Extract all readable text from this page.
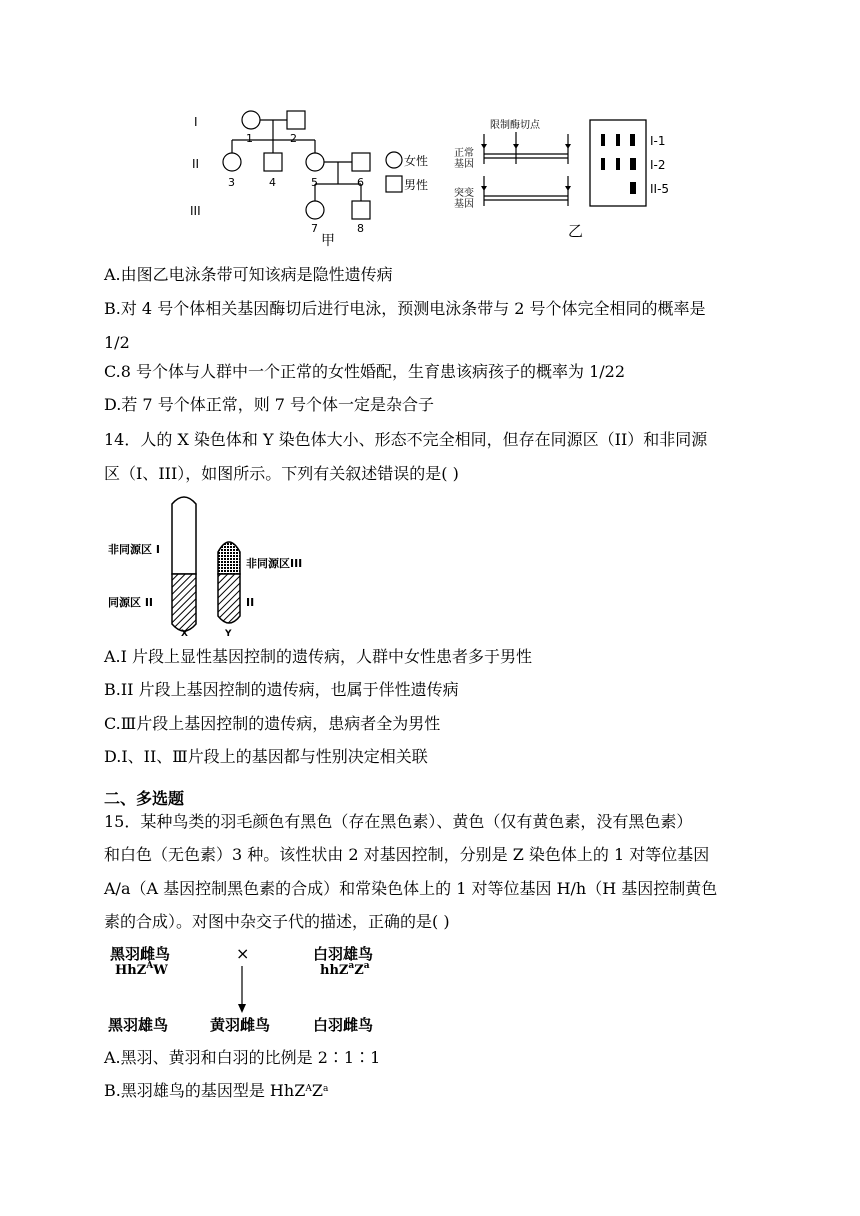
I
II
III
1	2
3	4	5	6
7	8
女性
男性
甲
限制酶切点
正常
基因
突变
基因
I-1
I-2
II-5
乙
A.由图乙电泳条带可知该病是隐性遗传病
B.对 4 号个体相关基因酶切后进行电泳，预测电泳条带与 2 号个体完全相同的概率是
1/2
C.8 号个体与人群中一个正常的女性婚配，生育患该病孩子的概率为 1/22
D.若 7 号个体正常，则 7 号个体一定是杂合子
14．人的 X 染色体和 Y 染色体大小、形态不完全相同，但存在同源区（II）和非同源
区（I、III），如图所示。下列有关叙述错误的是( )
非同源区 I
同源区 II
非同源区III
II
X	Y
A.I 片段上显性基因控制的遗传病，人群中女性患者多于男性
B.II 片段上基因控制的遗传病，也属于伴性遗传病
C.Ⅲ片段上基因控制的遗传病，患病者全为男性
D.I、II、Ⅲ片段上的基因都与性别决定相关联
二、多选题
15．某种鸟类的羽毛颜色有黑色（存在黑色素）、黄色（仅有黄色素，没有黑色素）
和白色（无色素）3 种。该性状由 2 对基因控制，分别是 Z 染色体上的 1 对等位基因
A/a（A 基因控制黑色素的合成）和常染色体上的 1 对等位基因 H/h（H 基因控制黄色
素的合成）。对图中杂交子代的描述，正确的是( )
黑羽雌鸟
HhZ$^A$W
×	白羽雄鸟
$hhZ^aZ^a$
黑羽雄鸟	黄羽雌鸟	白羽雌鸟
A.黑羽、黄羽和白羽的比例是 2∶1∶1
B.黑羽雄鸟的基因型是 $HhZ^AZ^a$
